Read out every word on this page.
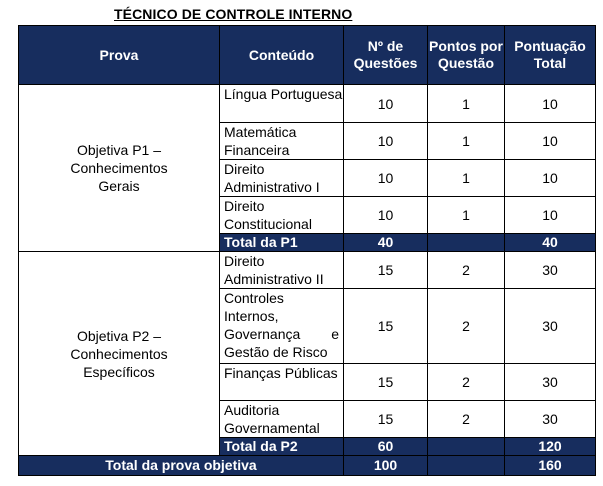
TÉCNICO DE CONTROLE INTERNO
Prova	Conteúdo	Nº de Questões	Pontos por Questão	Pontuação Total
Objetiva P1 – Conhecimentos Gerais	Língua Portuguesa	10	1	10
	Matemática Financeira	10	1	10
	Direito Administrativo I	10	1	10
	Direito Constitucional	10	1	10
	Total da P1	40		40
Objetiva P2 – Conhecimentos Específicos	Direito Administrativo II	15	2	30
	Controles Internos, Governança e Gestão de Risco	15	2	30
	Finanças Públicas	15	2	30
	Auditoria Governamental	15	2	30
	Total da P2	60		120
Total da prova objetiva		100		160
